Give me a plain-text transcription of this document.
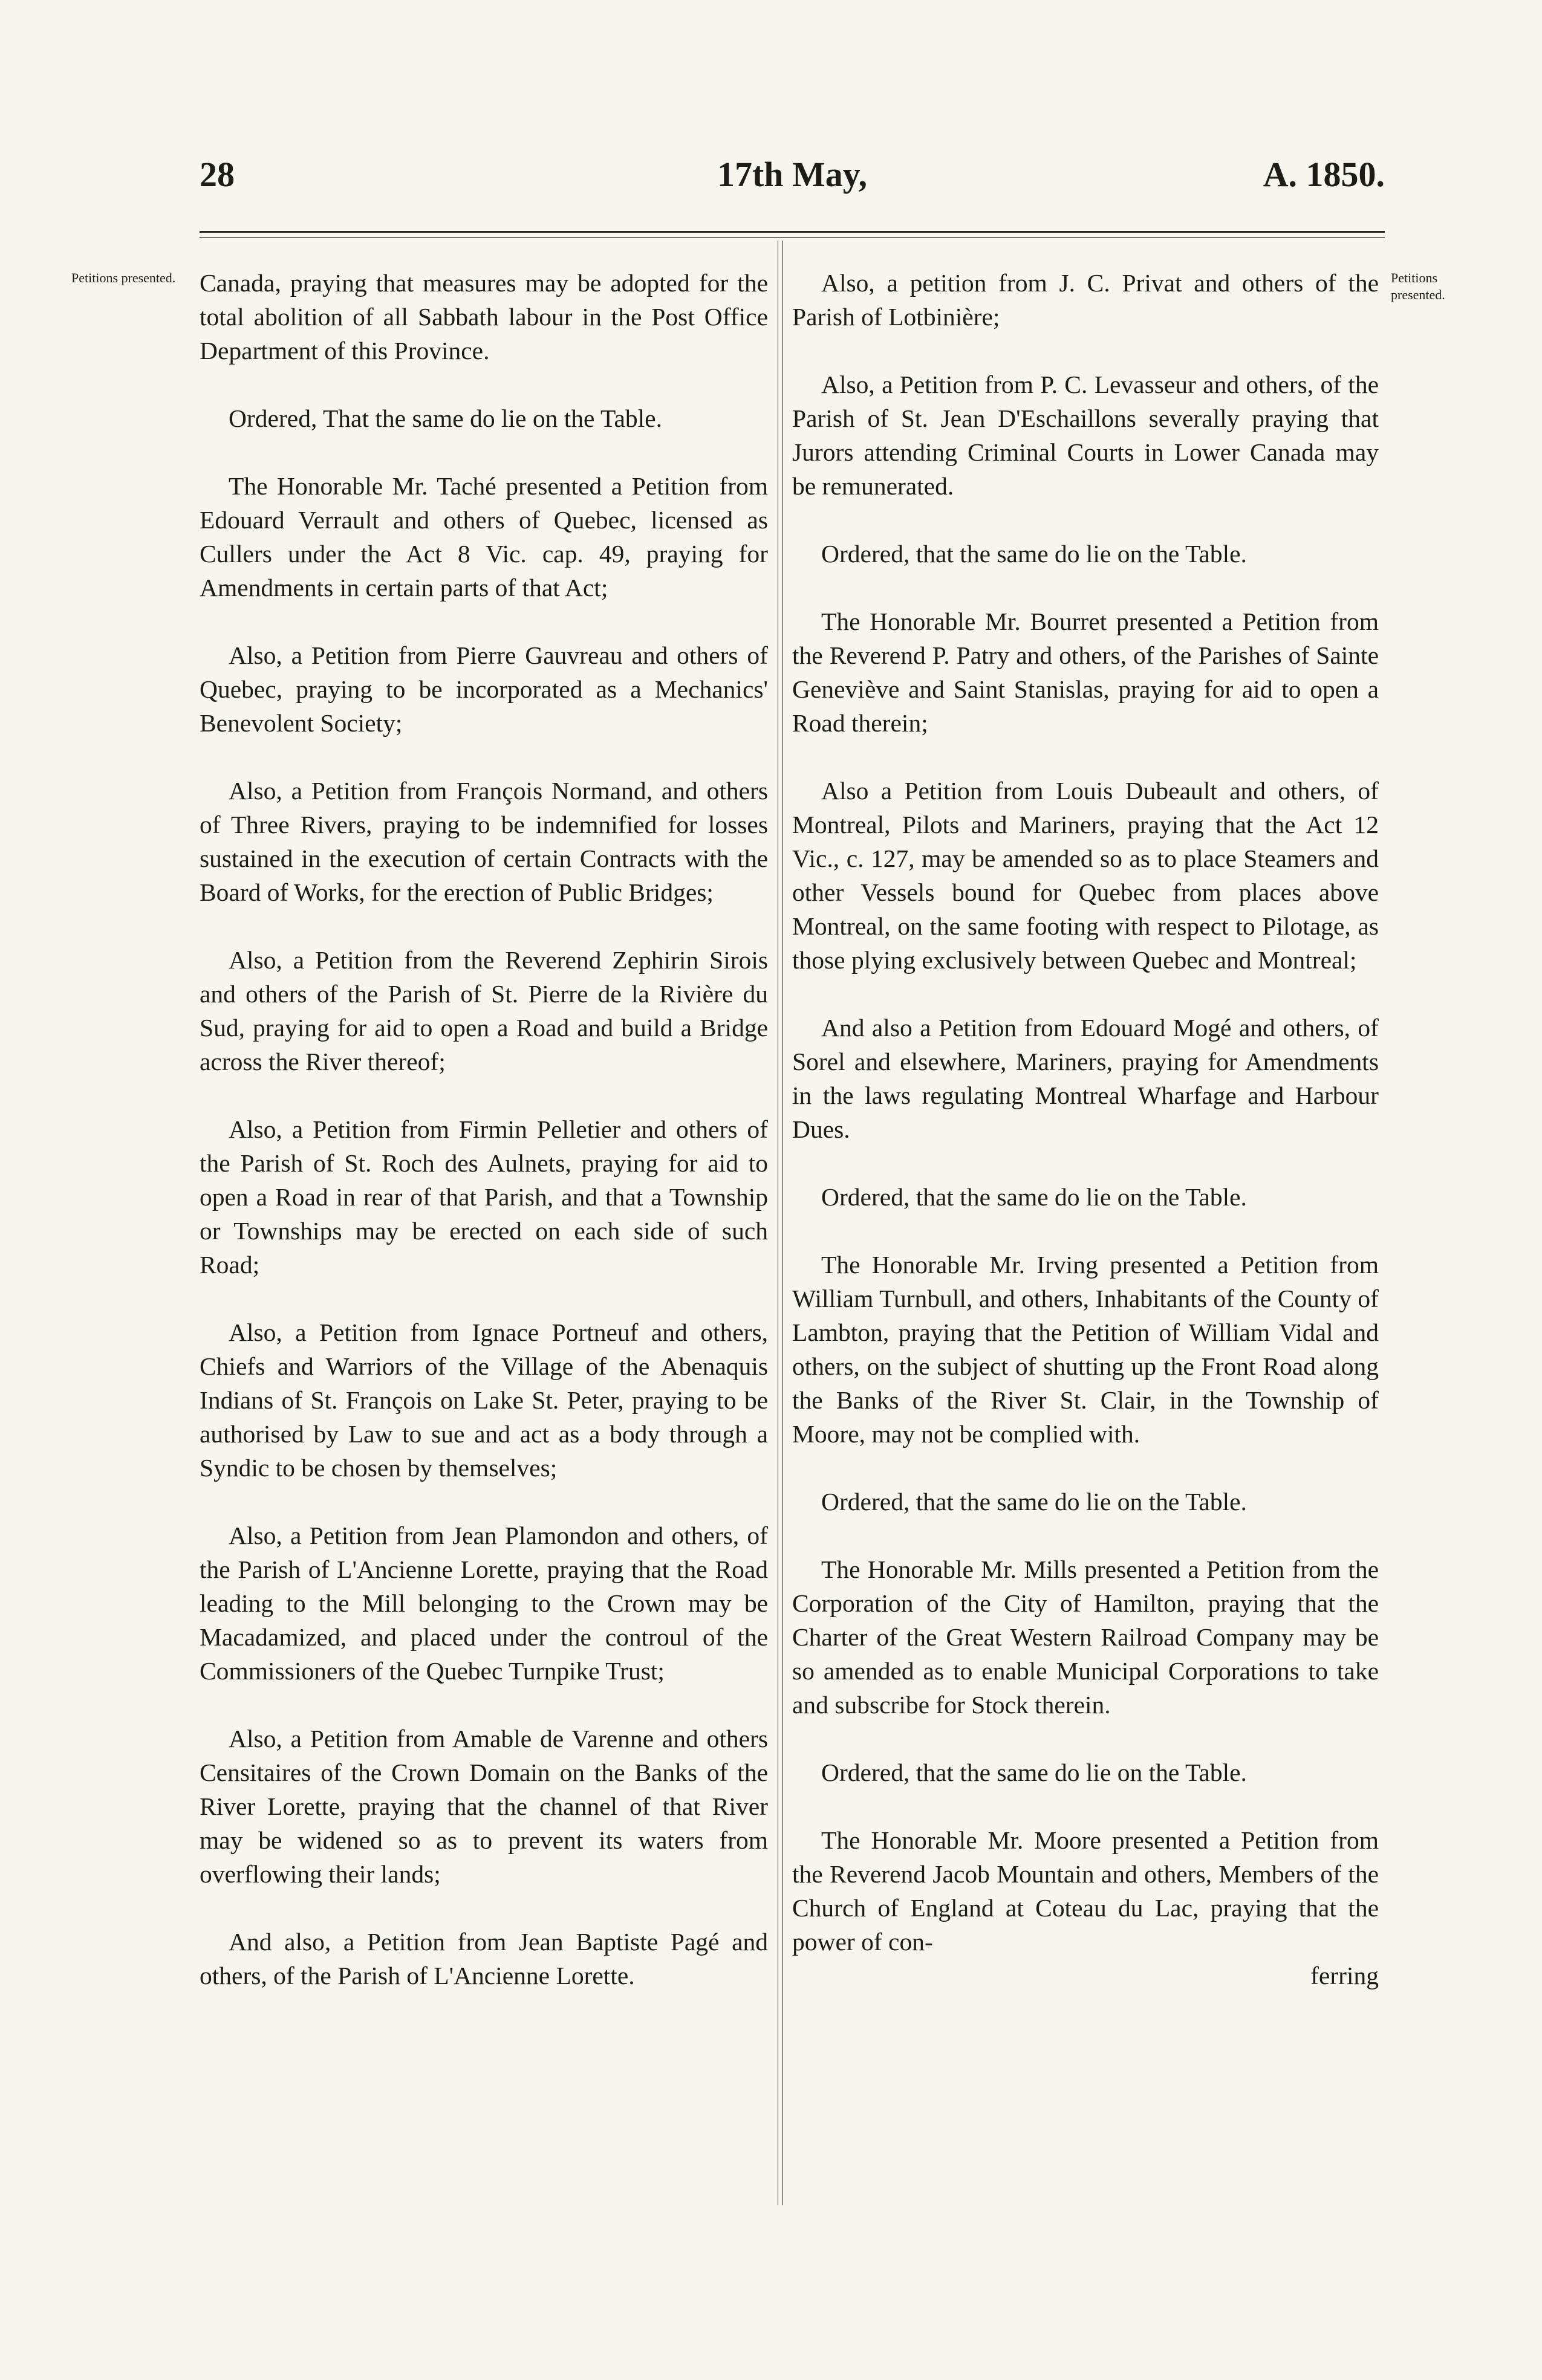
17th May,
28	A. 1850.
Petitions presented.	Petitions presented.

Canada, praying that measures may be adopted for the total abolition of all Sabbath labour in the Post Office Department of this Province.

Ordered, That the same do lie on the Table.

The Honorable Mr. Taché presented a Petition from Edouard Verrault and others of Quebec, licensed as Cullers under the Act 8 Vic. cap. 49, praying for Amendments in certain parts of that Act;

Also, a Petition from Pierre Gauvreau and others of Quebec, praying to be incorporated as a Mechanics' Benevolent Society;

Also, a Petition from François Normand, and others of Three Rivers, praying to be indemnified for losses sustained in the execution of certain Contracts with the Board of Works, for the erection of Public Bridges;

Also, a Petition from the Reverend Zephirin Sirois and others of the Parish of St. Pierre de la Rivière du Sud, praying for aid to open a Road and build a Bridge across the River thereof;

Also, a Petition from Firmin Pelletier and others of the Parish of St. Roch des Aulnets, praying for aid to open a Road in rear of that Parish, and that a Township or Townships may be erected on each side of such Road;

Also, a Petition from Ignace Portneuf and others, Chiefs and Warriors of the Village of the Abenaquis Indians of St. François on Lake St. Peter, praying to be authorised by Law to sue and act as a body through a Syndic to be chosen by themselves;

Also, a Petition from Jean Plamondon and others, of the Parish of L'Ancienne Lorette, praying that the Road leading to the Mill belonging to the Crown may be Macadamized, and placed under the controul of the Commissioners of the Quebec Turnpike Trust;

Also, a Petition from Amable de Varenne and others Censitaires of the Crown Domain on the Banks of the River Lorette, praying that the channel of that River may be widened so as to prevent its waters from overflowing their lands;

And also, a Petition from Jean Baptiste Pagé and others, of the Parish of L'Ancienne Lorette.

Also, a petition from J. C. Privat and others of the Parish of Lotbinière;

Also, a Petition from P. C. Levasseur and others, of the Parish of St. Jean D'Eschaillons severally praying that Jurors attending Criminal Courts in Lower Canada may be remunerated.

Ordered, that the same do lie on the Table.

The Honorable Mr. Bourret presented a Petition from the Reverend P. Patry and others, of the Parishes of Sainte Geneviève and Saint Stanislas, praying for aid to open a Road therein;

Also a Petition from Louis Dubeault and others, of Montreal, Pilots and Mariners, praying that the Act 12 Vic., c. 127, may be amended so as to place Steamers and other Vessels bound for Quebec from places above Montreal, on the same footing with respect to Pilotage, as those plying exclusively between Quebec and Montreal;

And also a Petition from Edouard Mogé and others, of Sorel and elsewhere, Mariners, praying for Amendments in the laws regulating Montreal Wharfage and Harbour Dues.

Ordered, that the same do lie on the Table.

The Honorable Mr. Irving presented a Petition from William Turnbull, and others, Inhabitants of the County of Lambton, praying that the Petition of William Vidal and others, on the subject of shutting up the Front Road along the Banks of the River St. Clair, in the Township of Moore, may not be complied with.

Ordered, that the same do lie on the Table.

The Honorable Mr. Mills presented a Petition from the Corporation of the City of Hamilton, praying that the Charter of the Great Western Railroad Company may be so amended as to enable Municipal Corporations to take and subscribe for Stock therein.

Ordered, that the same do lie on the Table.

The Honorable Mr. Moore presented a Petition from the Reverend Jacob Mountain and others, Members of the Church of England at Coteau du Lac, praying that the power of con-

ferring
